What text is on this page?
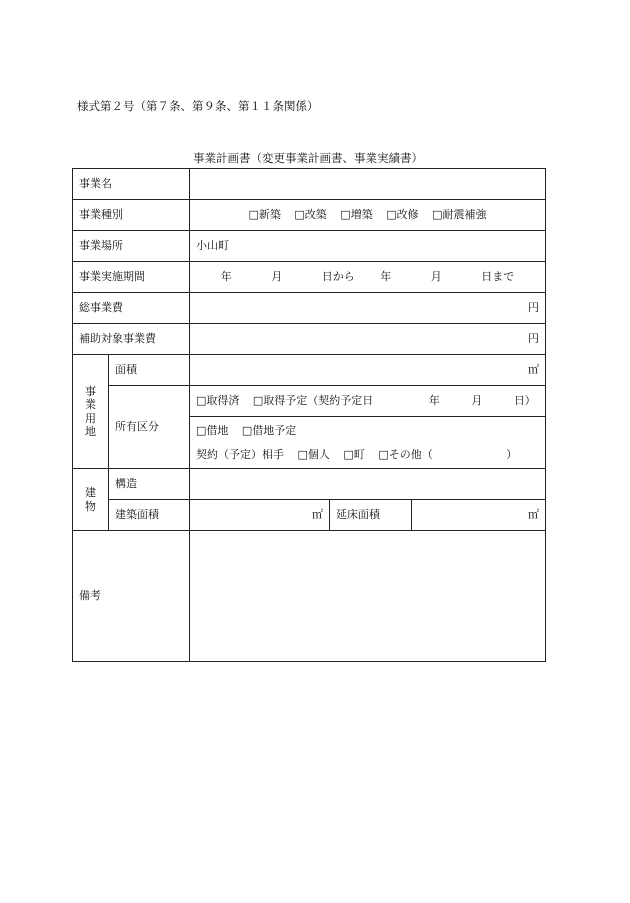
様式第２号（第７条、第９条、第１１条関係）
事業計画書（変更事業計画書、事業実績書）
事業名				
事業種別		□新築 □改築 □増築 □改修 □耐震補強		
事業場所		小山町		
事業実施期間		年 月 日から 年 月 日まで		

総事業費		円		
補助対象事業費		円		

事
業
用
地	面積	㎡		
	所有区分	□取得済 □取得予定（契約予定日 年 月 日）		

		□借地 □借地予定
契約（予定）相手 □個人 □町 □その他（ ）		

建
物	構造			
	建築面積	㎡	延床面積	㎡
備考				
